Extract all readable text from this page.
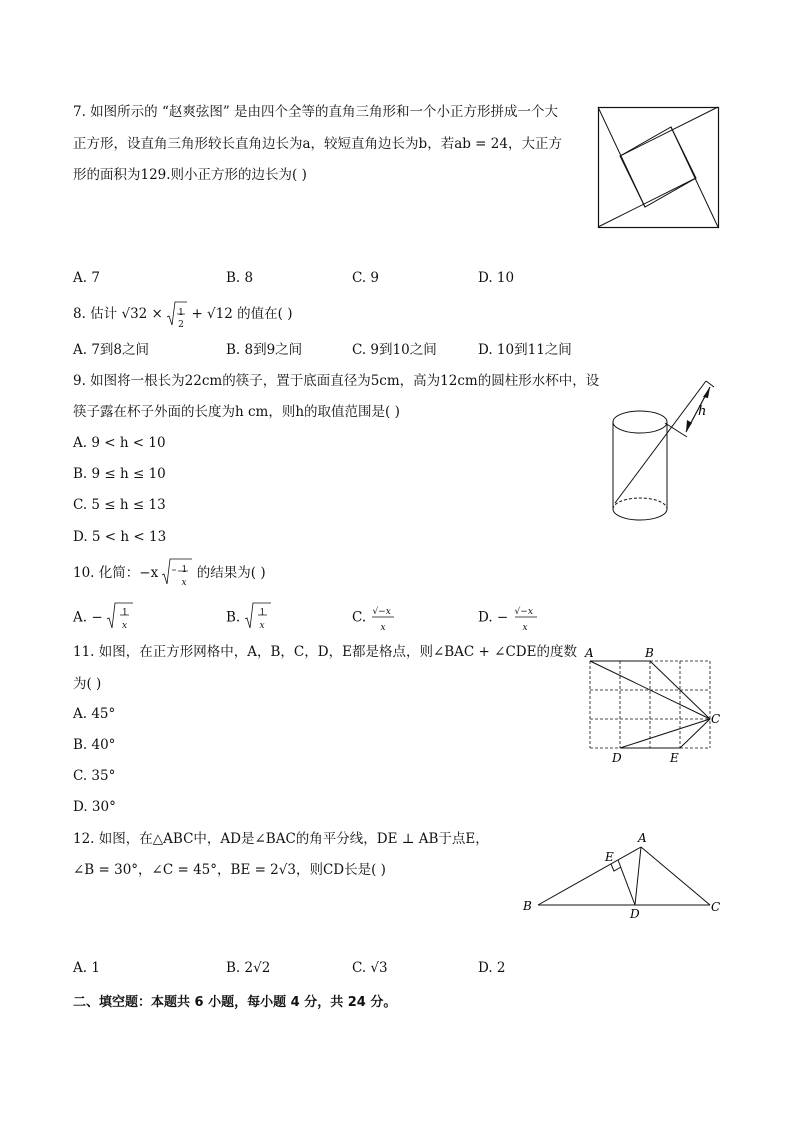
7. 如图所示的 “赵爽弦图” 是由四个全等的直角三角形和一个小正方形拼成一个大
正方形，设直角三角形较长直角边长为a，较短直角边长为b，若ab = 24，大正方
形的面积为129.则小正方形的边长为( )
A. 7	B. 8	C. 9	D. 10
8. 估计 √32 × 1
2
+ √12 的值在( )
A. 7到8之间	B. 8到9之间	C. 9到10之间	D. 10到11之间
9. 如图将一根长为22cm的筷子，置于底面直径为5cm，高为12cm的圆柱形水杯中，设
筷子露在杯子外面的长度为h cm，则h的取值范围是( )	h
A. 9 < h < 10
B. 9 ≤ h ≤ 10
C. 5 ≤ h ≤ 13
D. 5 < h < 13
10. 化简：−x	1
x
的结果为( )
A. − 1
x
B. 1
x
C. √−x
x
D. − √−x
x
11. 如图，在正方形网格中，A，B，C，D，E都是格点，则∠BAC + ∠CDE的度数
为( )
A	B
C
D	E
A. 45°
B. 40°
C. 35°
D. 30°
12. 如图，在△ABC中，AD是∠BAC的角平分线，DE ⊥ AB于点E，
∠B = 30°，∠C = 45°，BE = 2√3，则CD长是( )
A
B	C
D
E
A. 1	B. 2√2	C. √3	D. 2
二、填空题：本题共 6 小题，每小题 4 分，共 24 分。
